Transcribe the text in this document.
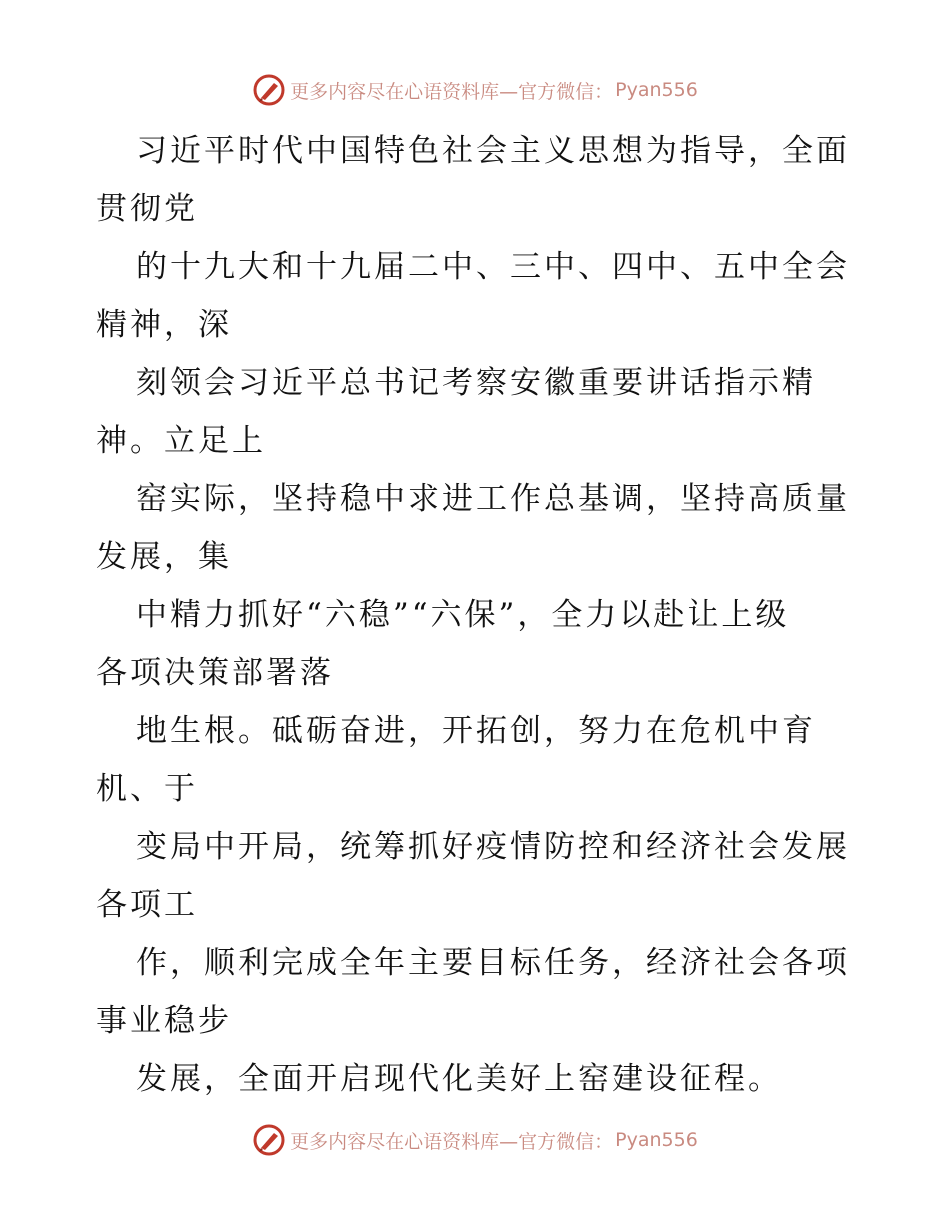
更多内容尽在心语资料库—官方微信： Pyan556
习近平时代中国特色社会主义思想为指导，全面
贯彻党
的十九大和十九届二中、三中、四中、五中全会
精神，深
刻领会习近平总书记考察安徽重要讲话指示精
神。立足上
窑实际，坚持稳中求进工作总基调，坚持高质量
发展，集
中精力抓好“六稳”“六保”，全力以赴让上级
各项决策部署落
地生根。砥砺奋进，开拓创，努力在危机中育
机、于
变局中开局，统筹抓好疫情防控和经济社会发展
各项工
作，顺利完成全年主要目标任务，经济社会各项
事业稳步
发展，全面开启现代化美好上窑建设征程。
更多内容尽在心语资料库—官方微信： Pyan556
